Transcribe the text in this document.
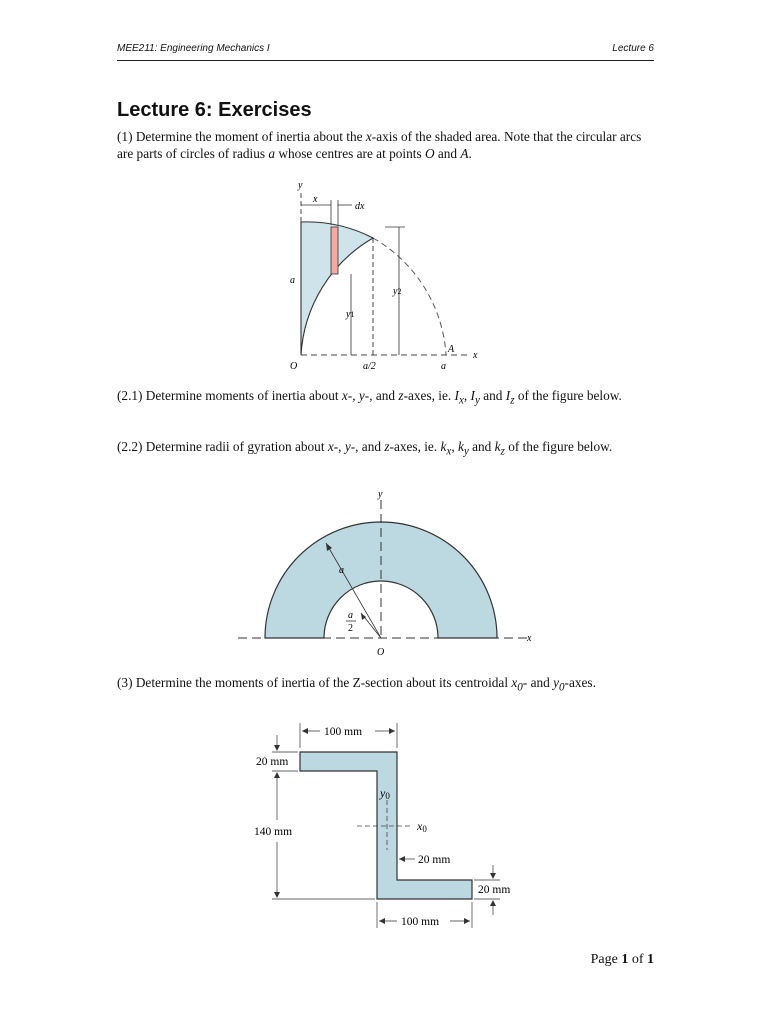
MEE211: Engineering Mechanics I	Lecture 6
Lecture 6: Exercises

(1) Determine the moment of inertia about the x-axis of the shaded area. Note that the circular arcs are parts of circles of radius a whose centres are at points O and A.

y
x
dx
a
y2
y1
O	a/2	a
A
x

(2.1) Determine moments of inertia about x-, y-, and z-axes, ie. $I_x$, $I_y$ and $I_z$ of the figure below.

(2.2) Determine radii of gyration about x-, y-, and z-axes, ie. $k_x$, $k_y$ and $k_z$ of the figure below.

y
x
O
a
a
2

(3) Determine the moments of inertia of the Z-section about its centroidal $x_0-$ and $y_0$-axes.

100 mm
20 mm
140 mm
y0
x0
20 mm
20 mm
100 mm
Page 1 of 1
